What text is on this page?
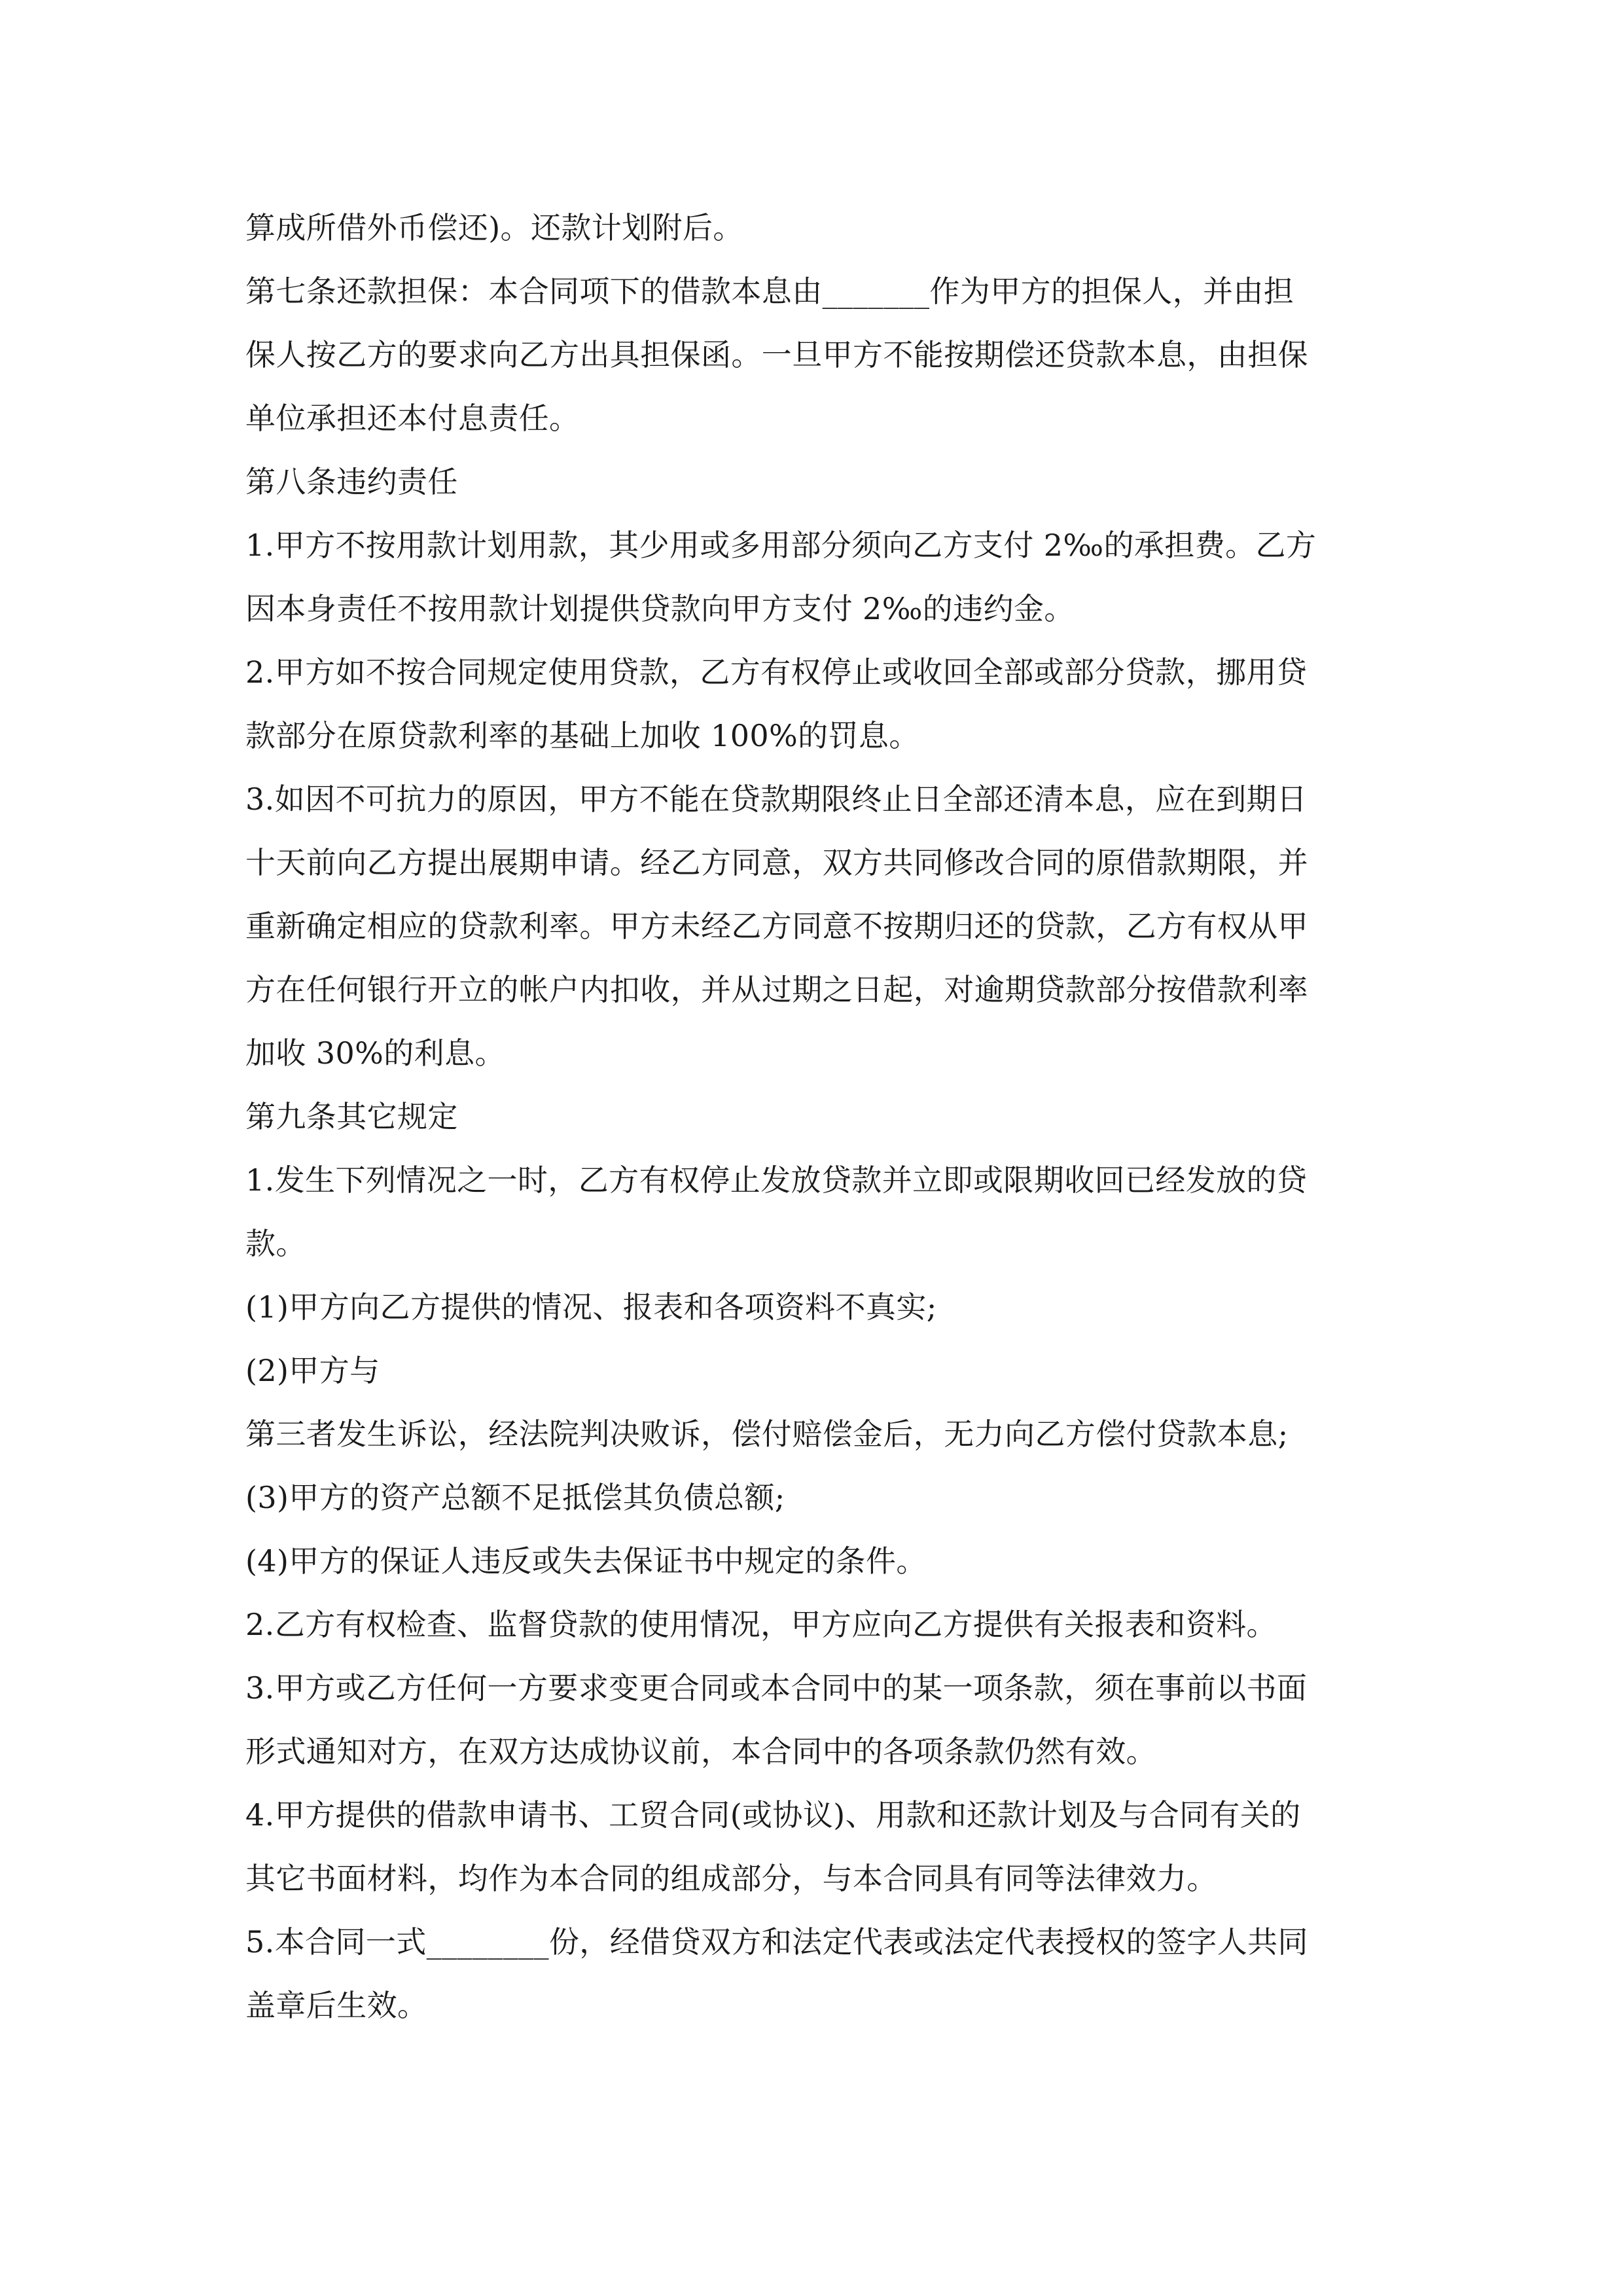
算成所借外币偿还)。还款计划附后。
第七条还款担保：本合同项下的借款本息由_______作为甲方的担保人，并由担
保人按乙方的要求向乙方出具担保函。一旦甲方不能按期偿还贷款本息，由担保
单位承担还本付息责任。
第八条违约责任
1.甲方不按用款计划用款，其少用或多用部分须向乙方支付 2‰的承担费。乙方
因本身责任不按用款计划提供贷款向甲方支付 2‰的违约金。
2.甲方如不按合同规定使用贷款，乙方有权停止或收回全部或部分贷款，挪用贷
款部分在原贷款利率的基础上加收 100%的罚息。
3.如因不可抗力的原因，甲方不能在贷款期限终止日全部还清本息，应在到期日
十天前向乙方提出展期申请。经乙方同意，双方共同修改合同的原借款期限，并
重新确定相应的贷款利率。甲方未经乙方同意不按期归还的贷款，乙方有权从甲
方在任何银行开立的帐户内扣收，并从过期之日起，对逾期贷款部分按借款利率
加收 30%的利息。
第九条其它规定
1.发生下列情况之一时，乙方有权停止发放贷款并立即或限期收回已经发放的贷
款。
(1)甲方向乙方提供的情况、报表和各项资料不真实;
(2)甲方与
第三者发生诉讼，经法院判决败诉，偿付赔偿金后，无力向乙方偿付贷款本息;
(3)甲方的资产总额不足抵偿其负债总额;
(4)甲方的保证人违反或失去保证书中规定的条件。
2.乙方有权检查、监督贷款的使用情况，甲方应向乙方提供有关报表和资料。
3.甲方或乙方任何一方要求变更合同或本合同中的某一项条款，须在事前以书面
形式通知对方，在双方达成协议前，本合同中的各项条款仍然有效。
4.甲方提供的借款申请书、工贸合同(或协议)、用款和还款计划及与合同有关的
其它书面材料，均作为本合同的组成部分，与本合同具有同等法律效力。
5.本合同一式________份，经借贷双方和法定代表或法定代表授权的签字人共同
盖章后生效。
